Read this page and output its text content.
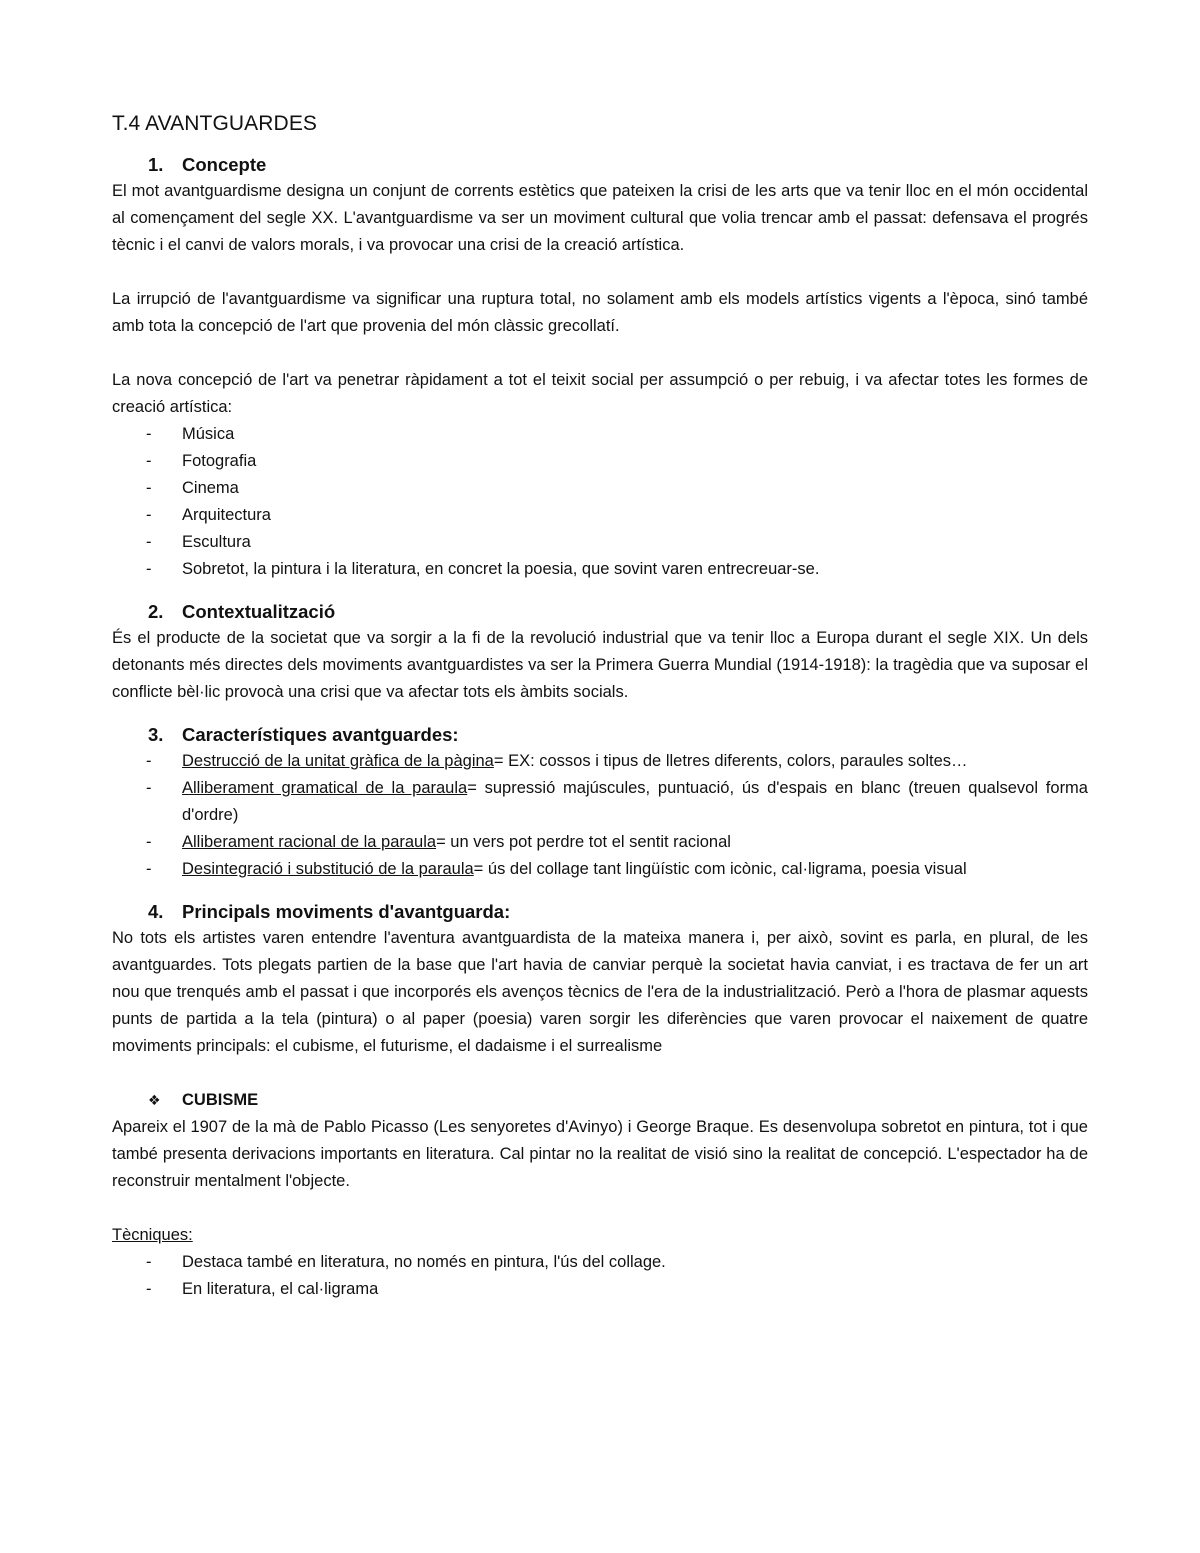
T.4 AVANTGUARDES
1.	Concepte

El mot avantguardisme designa un conjunt de corrents estètics que pateixen la crisi de les arts que va tenir lloc en el món occidental al començament del segle XX. L'avantguardisme va ser un moviment cultural que volia trencar amb el passat: defensava el progrés tècnic i el canvi de valors morals, i va provocar una crisi de la creació artística.

La irrupció de l'avantguardisme va significar una ruptura total, no solament amb els models artístics vigents a l'època, sinó també amb tota la concepció de l'art que provenia del món clàssic grecollatí.

La nova concepció de l'art va penetrar ràpidament a tot el teixit social per assumpció o per rebuig, i va afectar totes les formes de creació artística:

- Música
- Fotografia
- Cinema
- Arquitectura
- Escultura
- Sobretot, la pintura i la literatura, en concret la poesia, que sovint varen entrecreuar-se.
2.	Contextualització

És el producte de la societat que va sorgir a la fi de la revolució industrial que va tenir lloc a Europa durant el segle XIX. Un dels detonants més directes dels moviments avantguardistes va ser la Primera Guerra Mundial (1914-1918): la tragèdia que va suposar el conflicte bèl·lic provocà una crisi que va afectar tots els àmbits socials.

3.	Característiques avantguardes:
- Destrucció de la unitat gràfica de la pàgina= EX: cossos i tipus de lletres diferents, colors, paraules soltes…
- Alliberament gramatical de la paraula= supressió majúscules, puntuació, ús d'espais en blanc (treuen qualsevol forma d'ordre)
- Alliberament racional de la paraula= un vers pot perdre tot el sentit racional
- Desintegració i substitució de la paraula= ús del collage tant lingüístic com icònic, cal·ligrama, poesia visual
4.	Principals moviments d'avantguarda:

No tots els artistes varen entendre l'aventura avantguardista de la mateixa manera i, per això, sovint es parla, en plural, de les avantguardes. Tots plegats partien de la base que l'art havia de canviar perquè la societat havia canviat, i es tractava de fer un art nou que trenqués amb el passat i que incorporés els avenços tècnics de l'era de la industrialització. Però a l'hora de plasmar aquests punts de partida a la tela (pintura) o al paper (poesia) varen sorgir les diferències que varen provocar el naixement de quatre moviments principals: el cubisme, el futurisme, el dadaisme i el surrealisme

❖	CUBISME

Apareix el 1907 de la mà de Pablo Picasso (Les senyoretes d'Avinyo) i George Braque. Es desenvolupa sobretot en pintura, tot i que també presenta derivacions importants en literatura. Cal pintar no la realitat de visió sino la realitat de concepció. L'espectador ha de reconstruir mentalment l'objecte.

Tècniques:

- Destaca també en literatura, no només en pintura, l'ús del collage.
- En literatura, el cal·ligrama
